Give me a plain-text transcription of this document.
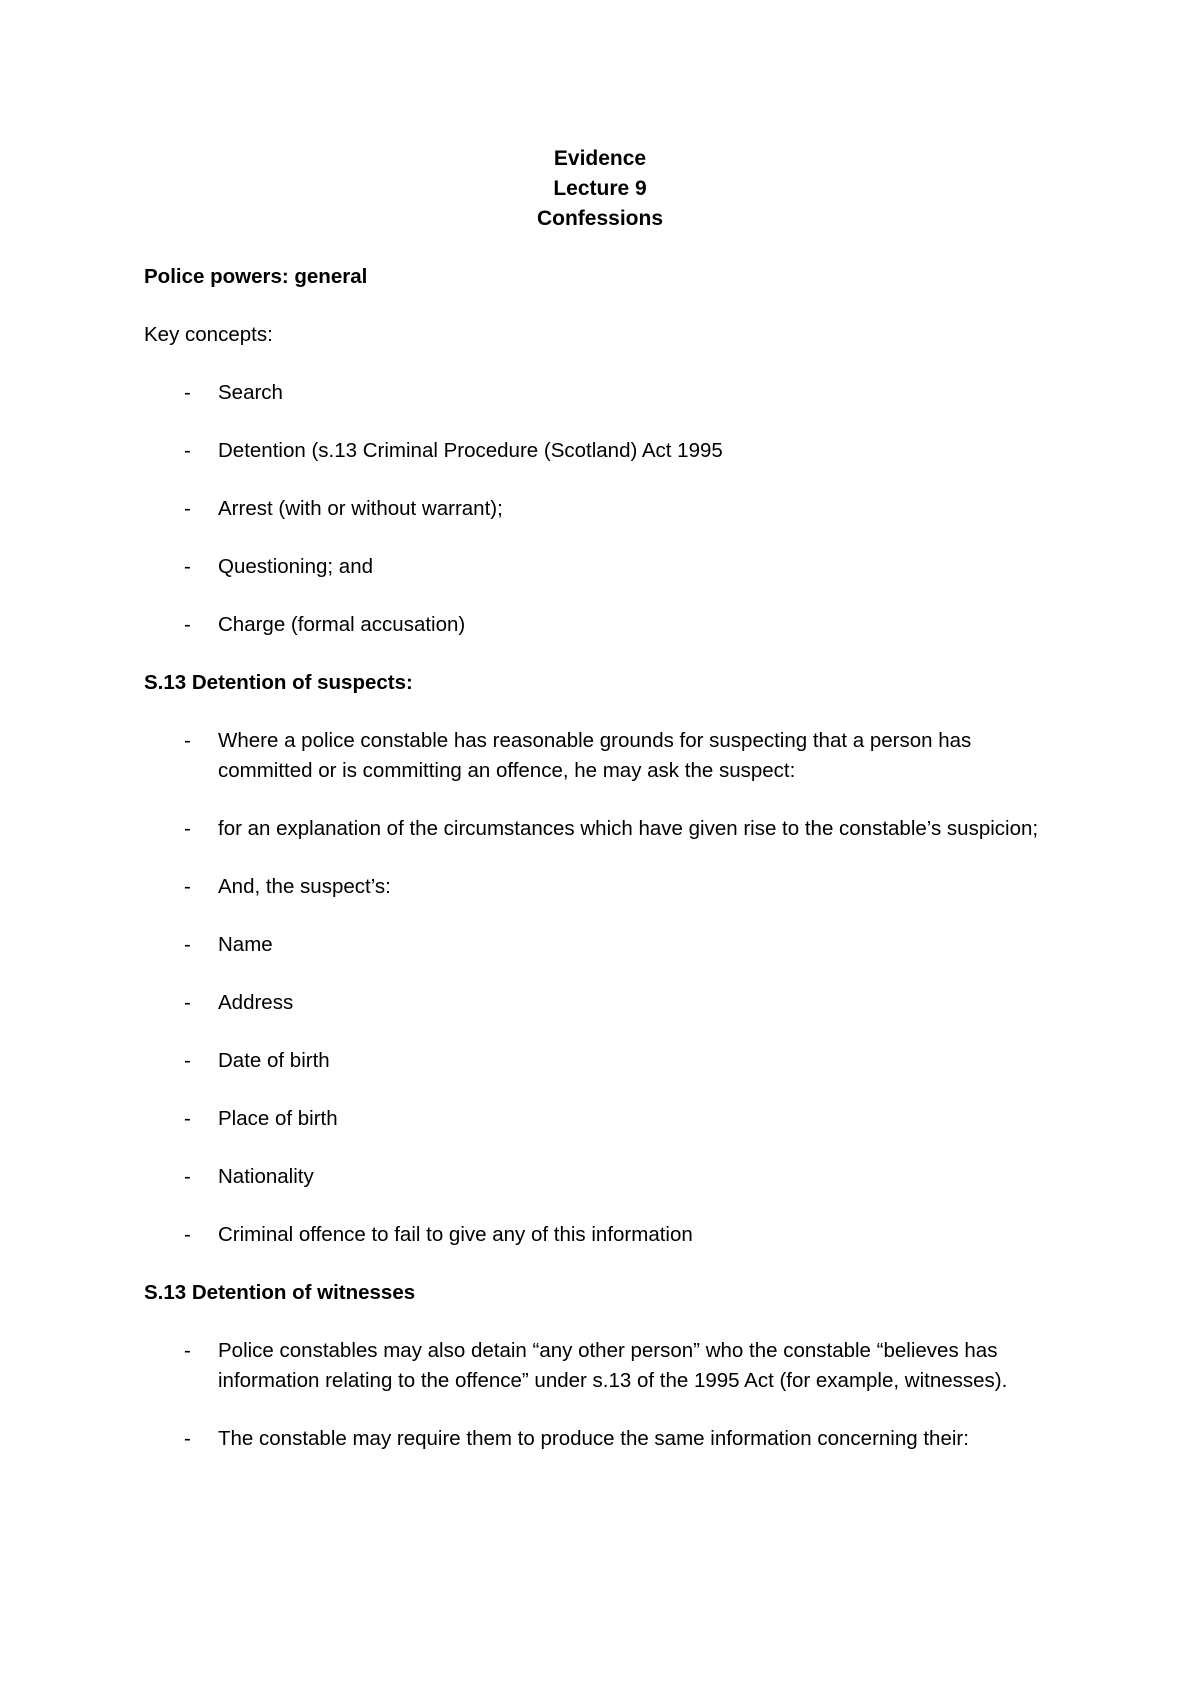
Evidence
Lecture 9
Confessions
Police powers: general
Key concepts:
- Search
- Detention (s.13 Criminal Procedure (Scotland) Act 1995
- Arrest (with or without warrant);
- Questioning; and
- Charge (formal accusation)
S.13 Detention of suspects:
- Where a police constable has reasonable grounds for suspecting that a person has committed or is committing an offence, he may ask the suspect:
- for an explanation of the circumstances which have given rise to the constable’s suspicion;
- And, the suspect’s:
- Name
- Address
- Date of birth
- Place of birth
- Nationality
- Criminal offence to fail to give any of this information
S.13 Detention of witnesses
- Police constables may also detain “any other person” who the constable “believes has information relating to the offence” under s.13 of the 1995 Act (for example, witnesses).
- The constable may require them to produce the same information concerning their:
